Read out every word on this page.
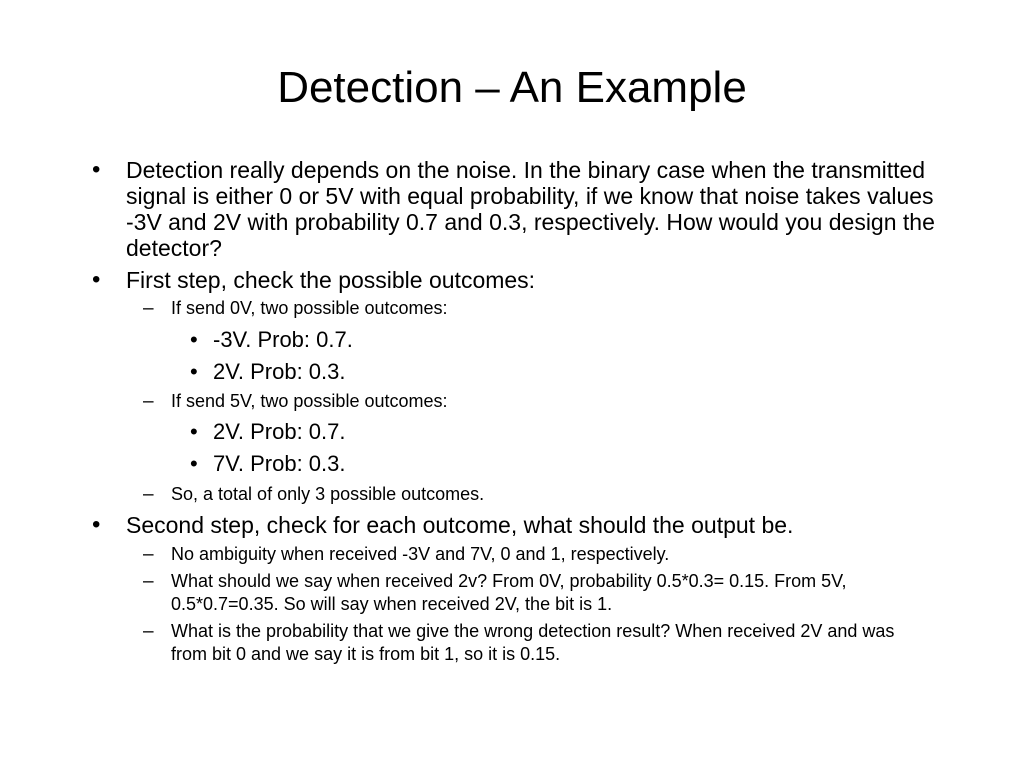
Detection – An Example
• Detection really depends on the noise. In the binary case when the transmitted signal is either 0 or 5V with equal probability, if we know that noise takes values -3V and 2V with probability 0.7 and 0.3, respectively. How would you design the detector?
• First step, check the possible outcomes:
– If send 0V, two possible outcomes:
• -3V. Prob: 0.7.
• 2V. Prob: 0.3.
– If send 5V, two possible outcomes:
• 2V. Prob: 0.7.
• 7V. Prob: 0.3.
– So, a total of only 3 possible outcomes.
• Second step, check for each outcome, what should the output be.
– No ambiguity when received -3V and 7V, 0 and 1, respectively.
– What should we say when received 2v? From 0V, probability 0.5*0.3= 0.15. From 5V, 0.5*0.7=0.35. So will say when received 2V, the bit is 1.
– What is the probability that we give the wrong detection result? When received 2V and was from bit 0 and we say it is from bit 1, so it is 0.15.
